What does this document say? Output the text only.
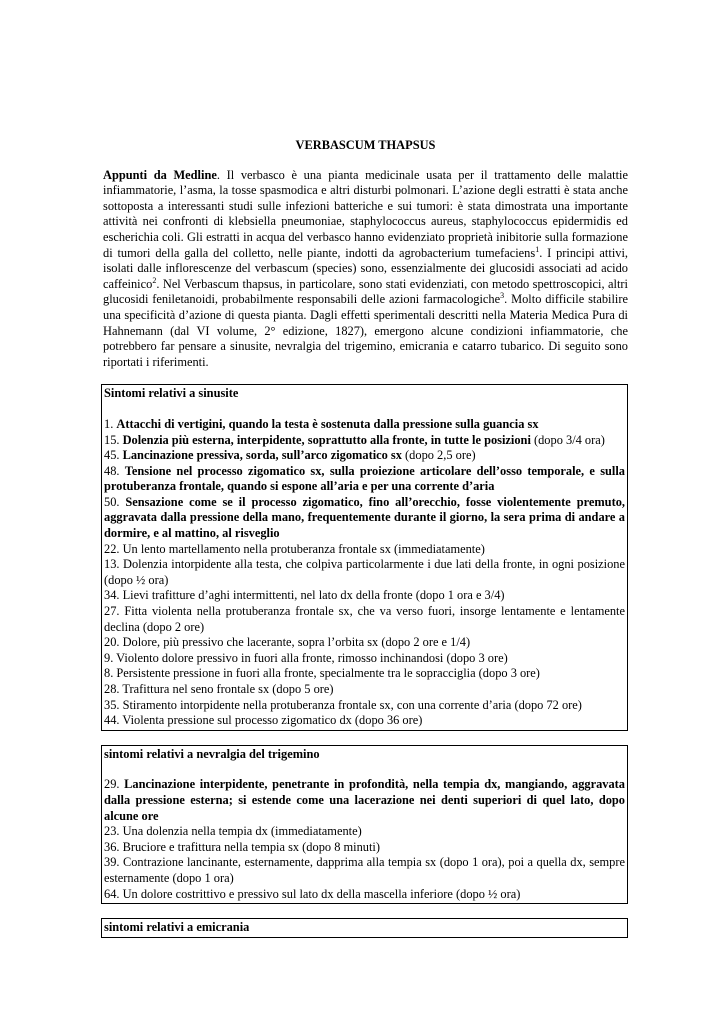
VERBASCUM THAPSUS

Appunti da Medline. Il verbasco è una pianta medicinale usata per il trattamento delle malattie infiammatorie, l’asma, la tosse spasmodica e altri disturbi polmonari. L’azione degli estratti è stata anche sottoposta a interessanti studi sulle infezioni batteriche e sui tumori: è stata dimostrata una importante attività nei confronti di klebsiella pneumoniae, staphylococcus aureus, staphylococcus epidermidis ed escherichia coli. Gli estratti in acqua del verbasco hanno evidenziato proprietà inibitorie sulla formazione di tumori della galla del colletto, nelle piante, indotti da agrobacterium tumefaciens$^1$. I principi attivi, isolati dalle inflorescenze del verbascum (species) sono, essenzialmente dei glucosidi associati ad acido caffeinico$^2$. Nel Verbascum thapsus, in particolare, sono stati evidenziati, con metodo spettroscopici, altri glucosidi feniletanoidi, probabilmente responsabili delle azioni farmacologiche$^3$. Molto difficile stabilire una specificità d’azione di questa pianta. Dagli effetti sperimentali descritti nella Materia Medica Pura di Hahnemann (dal VI volume, 2° edizione, 1827), emergono alcune condizioni infiammatorie, che potrebbero far pensare a sinusite, nevralgia del trigemino, emicrania e catarro tubarico. Di seguito sono riportati i riferimenti.

Sintomi relativi a sinusite

1. Attacchi di vertigini, quando la testa è sostenuta dalla pressione sulla guancia sx

15. Dolenzia più esterna, interpidente, soprattutto alla fronte, in tutte le posizioni (dopo 3/4 ora)

45. Lancinazione pressiva, sorda, sull’arco zigomatico sx (dopo 2,5 ore)

48. Tensione nel processo zigomatico sx, sulla proiezione articolare dell’osso temporale, e sulla protuberanza frontale, quando si espone all’aria e per una corrente d’aria

50. Sensazione come se il processo zigomatico, fino all’orecchio, fosse violentemente premuto, aggravata dalla pressione della mano, frequentemente durante il giorno, la sera prima di andare a dormire, e al mattino, al risveglio

22. Un lento martellamento nella protuberanza frontale sx (immediatamente)

13. Dolenzia intorpidente alla testa, che colpiva particolarmente i due lati della fronte, in ogni posizione (dopo ½ ora)

34. Lievi trafitture d’aghi intermittenti, nel lato dx della fronte (dopo 1 ora e 3/4)

27. Fitta violenta nella protuberanza frontale sx, che va verso fuori, insorge lentamente e lentamente declina (dopo 2 ore)

20. Dolore, più pressivo che lacerante, sopra l’orbita sx (dopo 2 ore e 1/4)

9. Violento dolore pressivo in fuori alla fronte, rimosso inchinandosi (dopo 3 ore)

8. Persistente pressione in fuori alla fronte, specialmente tra le sopracciglia (dopo 3 ore)

28. Trafittura nel seno frontale sx (dopo 5 ore)

35. Stiramento intorpidente nella protuberanza frontale sx, con una corrente d’aria (dopo 72 ore)

44. Violenta pressione sul processo zigomatico dx (dopo 36 ore)

sintomi relativi a nevralgia del trigemino

29. Lancinazione interpidente, penetrante in profondità, nella tempia dx, mangiando, aggravata dalla pressione esterna; si estende come una lacerazione nei denti superiori di quel lato, dopo alcune ore

23. Una dolenzia nella tempia dx (immediatamente)

36. Bruciore e trafittura nella tempia sx (dopo 8 minuti)

39. Contrazione lancinante, esternamente, dapprima alla tempia sx (dopo 1 ora), poi a quella dx, sempre esternamente (dopo 1 ora)

64. Un dolore costrittivo e pressivo sul lato dx della mascella inferiore (dopo ½ ora)

sintomi relativi a emicrania
